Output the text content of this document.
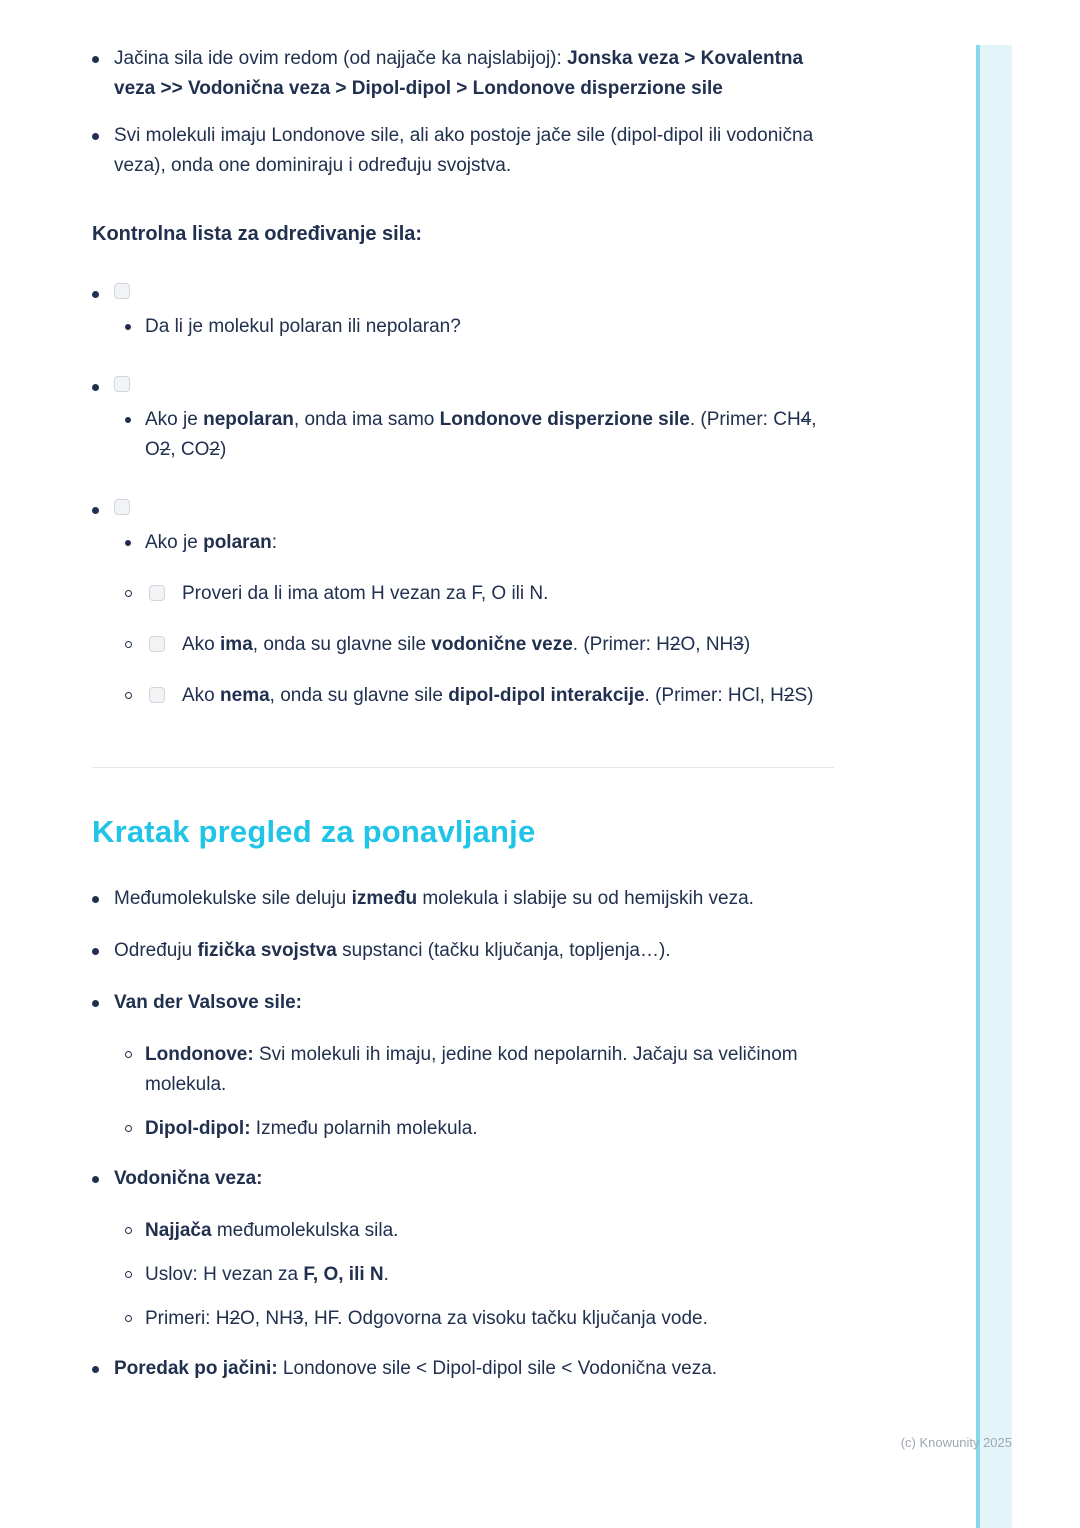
Jačina sila ide ovim redom (od najjače ka najslabijoj): Jonska veza > Kovalentna veza >> Vodonična veza > Dipol-dipol > Londonove disperzione sile
Svi molekuli imaju Londonove sile, ali ako postoje jače sile (dipol-dipol ili vodonična veza), onda one dominiraju i određuju svojstva.

Kontrolna lista za određivanje sila:

Da li je molekul polaran ili nepolaran?
Ako je nepolaran, onda ima samo Londonove disperzione sile. (Primer: CH4, O2, CO2)
Ako je polaran:
Proveri da li ima atom H vezan za F, O ili N.
Ako ima, onda su glavne sile vodonične veze. (Primer: H2O, NH3)
Ako nema, onda su glavne sile dipol-dipol interakcije. (Primer: HCl, H2S)
Kratak pregled za ponavljanje
Međumolekulske sile deluju između molekula i slabije su od hemijskih veza.
Određuju fizička svojstva supstanci (tačku ključanja, topljenja…).
Van der Valsove sile:
Londonove: Svi molekuli ih imaju, jedine kod nepolarnih. Jačaju sa veličinom molekula.
Dipol-dipol: Između polarnih molekula.
Vodonična veza:
Najjača međumolekulska sila.
Uslov: H vezan za F, O, ili N.
Primeri: H2O, NH3, HF. Odgovorna za visoku tačku ključanja vode.
Poredak po jačini: Londonove sile < Dipol-dipol sile < Vodonična veza.
(c) Knowunity 2025
